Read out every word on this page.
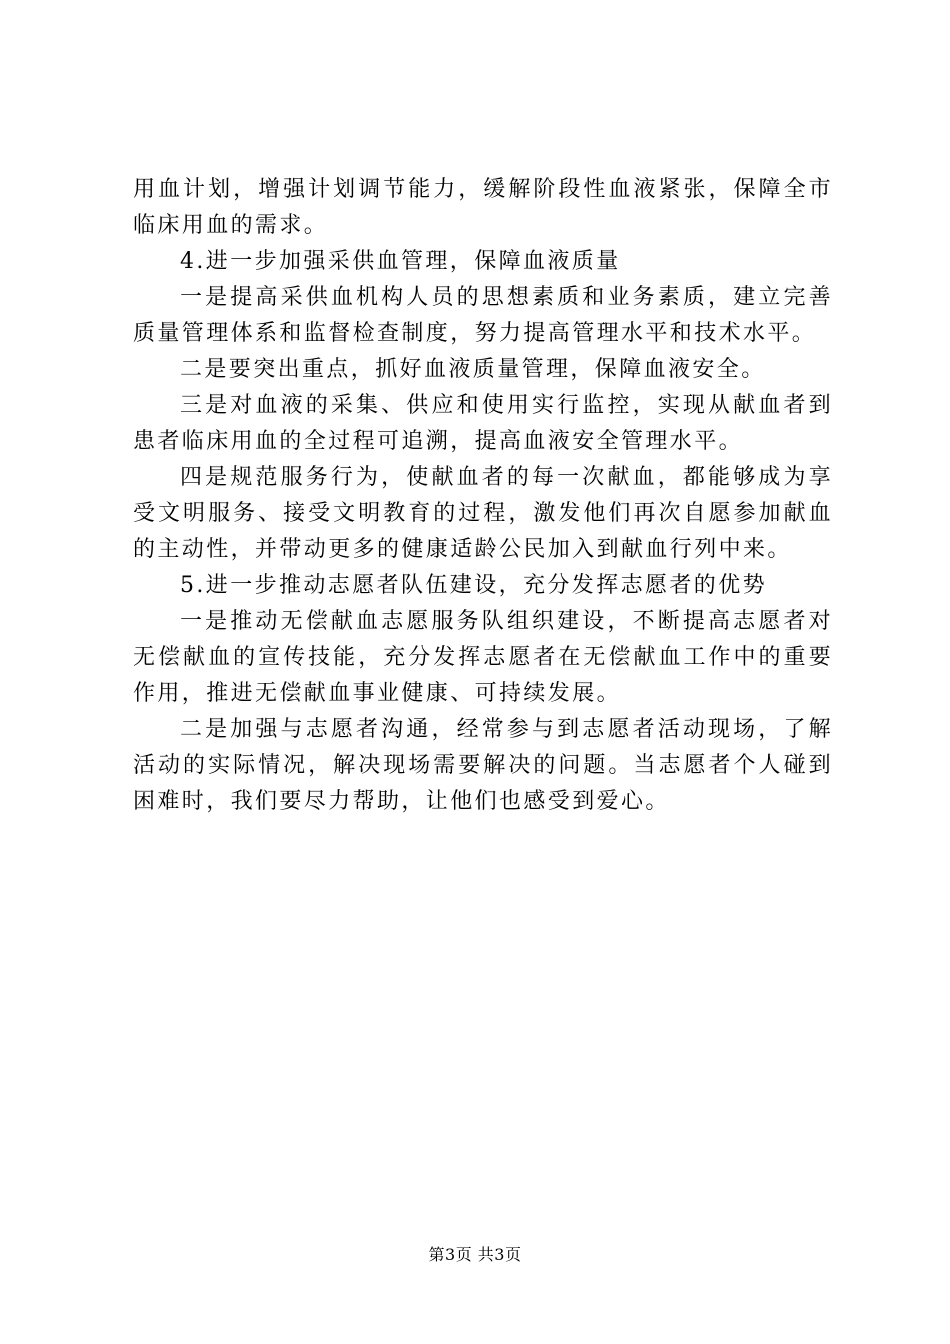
用血计划，增强计划调节能力，缓解阶段性血液紧张，保障全市临床用血的需求。

4.进一步加强采供血管理，保障血液质量

一是提高采供血机构人员的思想素质和业务素质，建立完善质量管理体系和监督检查制度，努力提高管理水平和技术水平。

二是要突出重点，抓好血液质量管理，保障血液安全。

三是对血液的采集、供应和使用实行监控，实现从献血者到患者临床用血的全过程可追溯，提高血液安全管理水平。

四是规范服务行为，使献血者的每一次献血，都能够成为享受文明服务、接受文明教育的过程，激发他们再次自愿参加献血的主动性，并带动更多的健康适龄公民加入到献血行列中来。

5.进一步推动志愿者队伍建设，充分发挥志愿者的优势

一是推动无偿献血志愿服务队组织建设，不断提高志愿者对无偿献血的宣传技能，充分发挥志愿者在无偿献血工作中的重要作用，推进无偿献血事业健康、可持续发展。

二是加强与志愿者沟通，经常参与到志愿者活动现场，了解活动的实际情况，解决现场需要解决的问题。当志愿者个人碰到困难时，我们要尽力帮助，让他们也感受到爱心。

第3页 共3页
